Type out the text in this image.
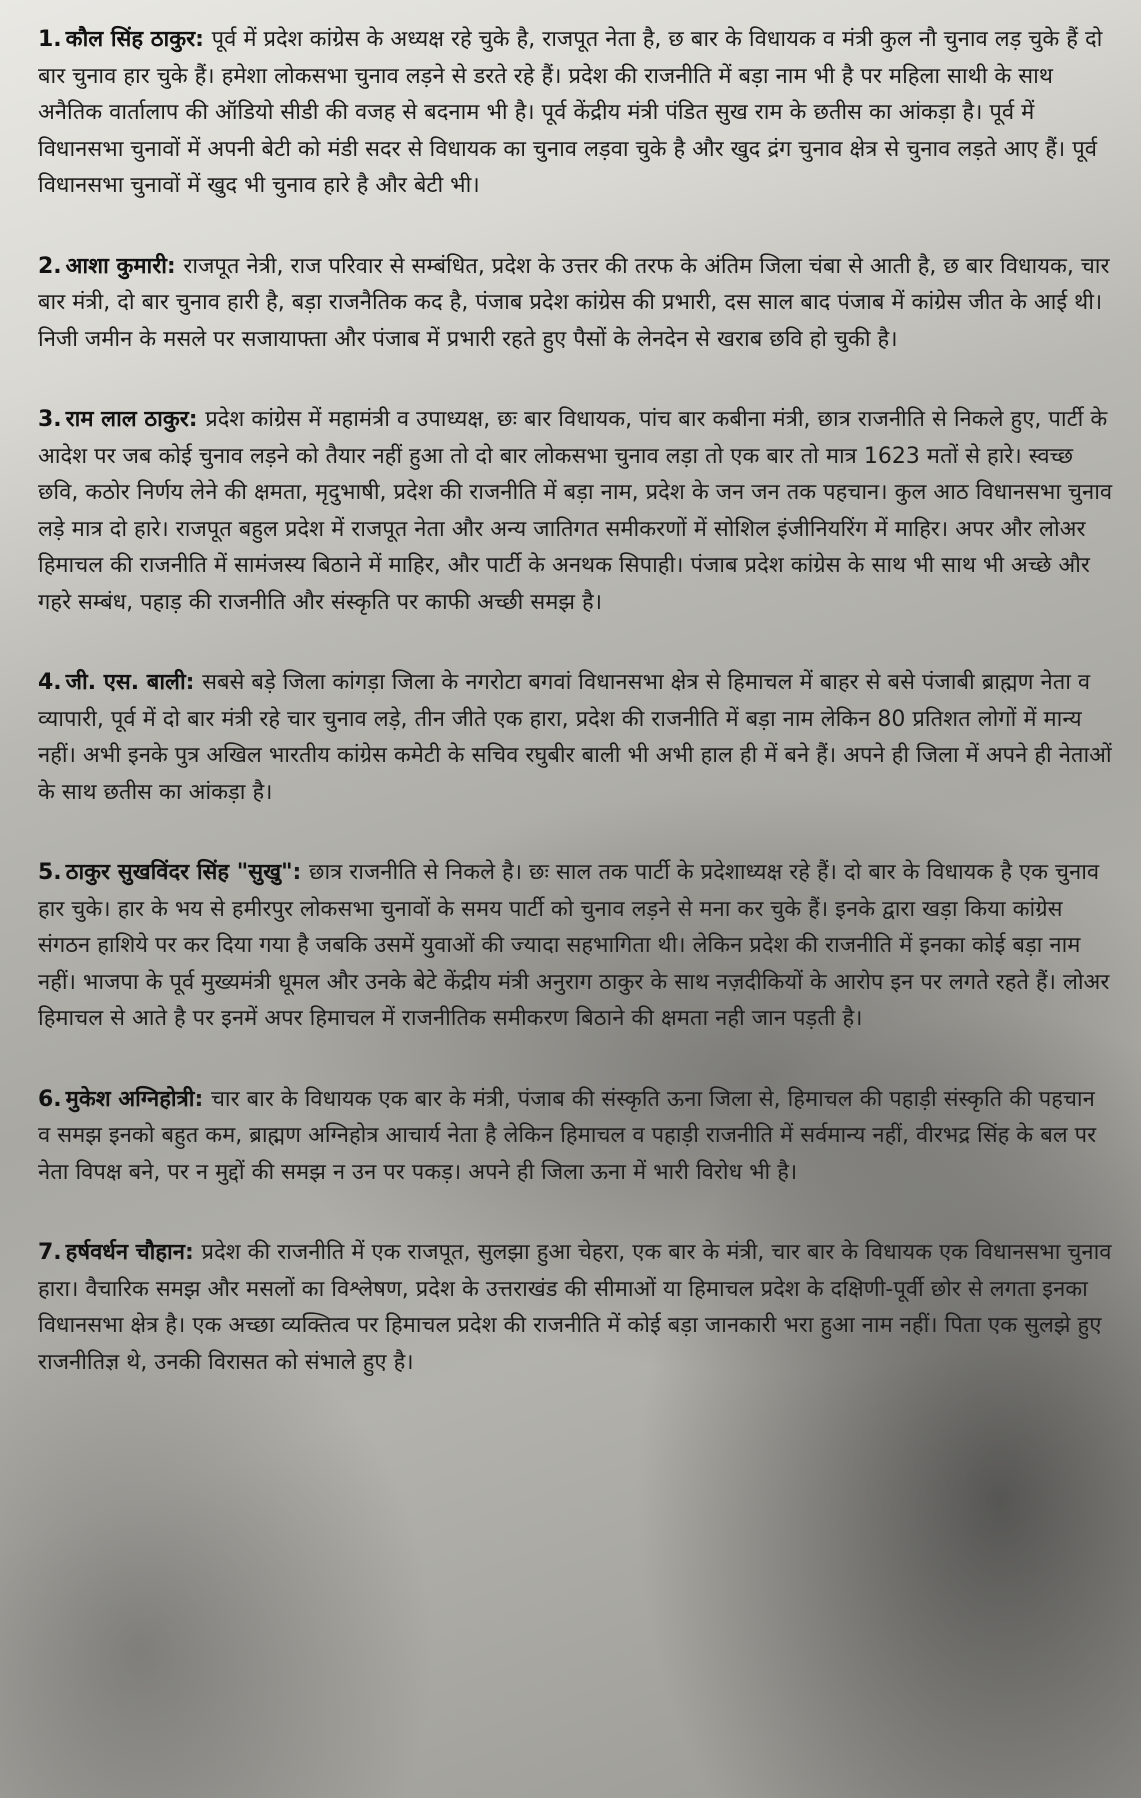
1. कौल सिंह ठाकुर: पूर्व में प्रदेश कांग्रेस के अध्यक्ष रहे चुके है, राजपूत नेता है, छ बार के विधायक व मंत्री कुल नौ चुनाव लड़ चुके हैं दो बार चुनाव हार चुके हैं। हमेशा लोकसभा चुनाव लड़ने से डरते रहे हैं। प्रदेश की राजनीति में बड़ा नाम भी है पर महिला साथी के साथ अनैतिक वार्तालाप की ऑडियो सीडी की वजह से बदनाम भी है। पूर्व केंद्रीय मंत्री पंडित सुख राम के छतीस का आंकड़ा है। पूर्व में विधानसभा चुनावों में अपनी बेटी को मंडी सदर से विधायक का चुनाव लड़वा चुके है और खुद द्रंग चुनाव क्षेत्र से चुनाव लड़ते आए हैं। पूर्व विधानसभा चुनावों में खुद भी चुनाव हारे है और बेटी भी।

2. आशा कुमारी: राजपूत नेत्री, राज परिवार से सम्बंधित, प्रदेश के उत्तर की तरफ के अंतिम जिला चंबा से आती है, छ बार विधायक, चार बार मंत्री, दो बार चुनाव हारी है, बड़ा राजनैतिक कद है, पंजाब प्रदेश कांग्रेस की प्रभारी, दस साल बाद पंजाब में कांग्रेस जीत के आई थी। निजी जमीन के मसले पर सजायाफ्ता और पंजाब में प्रभारी रहते हुए पैसों के लेनदेन से खराब छवि हो चुकी है।

3. राम लाल ठाकुर: प्रदेश कांग्रेस में महामंत्री व उपाध्यक्ष, छः बार विधायक, पांच बार कबीना मंत्री, छात्र राजनीति से निकले हुए, पार्टी के आदेश पर जब कोई चुनाव लड़ने को तैयार नहीं हुआ तो दो बार लोकसभा चुनाव लड़ा तो एक बार तो मात्र 1623 मतों से हारे। स्वच्छ छवि, कठोर निर्णय लेने की क्षमता, मृदुभाषी, प्रदेश की राजनीति में बड़ा नाम, प्रदेश के जन जन तक पहचान। कुल आठ विधानसभा चुनाव लड़े मात्र दो हारे। राजपूत बहुल प्रदेश में राजपूत नेता और अन्य जातिगत समीकरणों में सोशिल इंजीनियरिंग में माहिर। अपर और लोअर हिमाचल की राजनीति में सामंजस्य बिठाने में माहिर, और पार्टी के अनथक सिपाही। पंजाब प्रदेश कांग्रेस के साथ भी साथ भी अच्छे और गहरे सम्बंध, पहाड़ की राजनीति और संस्कृति पर काफी अच्छी समझ है।

4. जी. एस. बाली: सबसे बड़े जिला कांगड़ा जिला के नगरोटा बगवां विधानसभा क्षेत्र से हिमाचल में बाहर से बसे पंजाबी ब्राह्मण नेता व व्यापारी, पूर्व में दो बार मंत्री रहे चार चुनाव लड़े, तीन जीते एक हारा, प्रदेश की राजनीति में बड़ा नाम लेकिन 80 प्रतिशत लोगों में मान्य नहीं। अभी इनके पुत्र अखिल भारतीय कांग्रेस कमेटी के सचिव रघुबीर बाली भी अभी हाल ही में बने हैं। अपने ही जिला में अपने ही नेताओं के साथ छतीस का आंकड़ा है।

5. ठाकुर सुखविंदर सिंह "सुखु": छात्र राजनीति से निकले है। छः साल तक पार्टी के प्रदेशाध्यक्ष रहे हैं। दो बार के विधायक है एक चुनाव हार चुके। हार के भय से हमीरपुर लोकसभा चुनावों के समय पार्टी को चुनाव लड़ने से मना कर चुके हैं। इनके द्वारा खड़ा किया कांग्रेस संगठन हाशिये पर कर दिया गया है जबकि उसमें युवाओं की ज्यादा सहभागिता थी। लेकिन प्रदेश की राजनीति में इनका कोई बड़ा नाम नहीं। भाजपा के पूर्व मुख्यमंत्री धूमल और उनके बेटे केंद्रीय मंत्री अनुराग ठाकुर के साथ नज़दीकियों के आरोप इन पर लगते रहते हैं। लोअर हिमाचल से आते है पर इनमें अपर हिमाचल में राजनीतिक समीकरण बिठाने की क्षमता नही जान पड़ती है।

6. मुकेश अग्निहोत्री: चार बार के विधायक एक बार के मंत्री, पंजाब की संस्कृति ऊना जिला से, हिमाचल की पहाड़ी संस्कृति की पहचान व समझ इनको बहुत कम, ब्राह्मण अग्निहोत्र आचार्य नेता है लेकिन हिमाचल व पहाड़ी राजनीति में सर्वमान्य नहीं, वीरभद्र सिंह के बल पर नेता विपक्ष बने, पर न मुद्दों की समझ न उन पर पकड़। अपने ही जिला ऊना में भारी विरोध भी है।

7. हर्षवर्धन चौहान: प्रदेश की राजनीति में एक राजपूत, सुलझा हुआ चेहरा, एक बार के मंत्री, चार बार के विधायक एक विधानसभा चुनाव हारा। वैचारिक समझ और मसलों का विश्लेषण, प्रदेश के उत्तराखंड की सीमाओं या हिमाचल प्रदेश के दक्षिणी-पूर्वी छोर से लगता इनका विधानसभा क्षेत्र है। एक अच्छा व्यक्तित्व पर हिमाचल प्रदेश की राजनीति में कोई बड़ा जानकारी भरा हुआ नाम नहीं। पिता एक सुलझे हुए राजनीतिज्ञ थे, उनकी विरासत को संभाले हुए है।
